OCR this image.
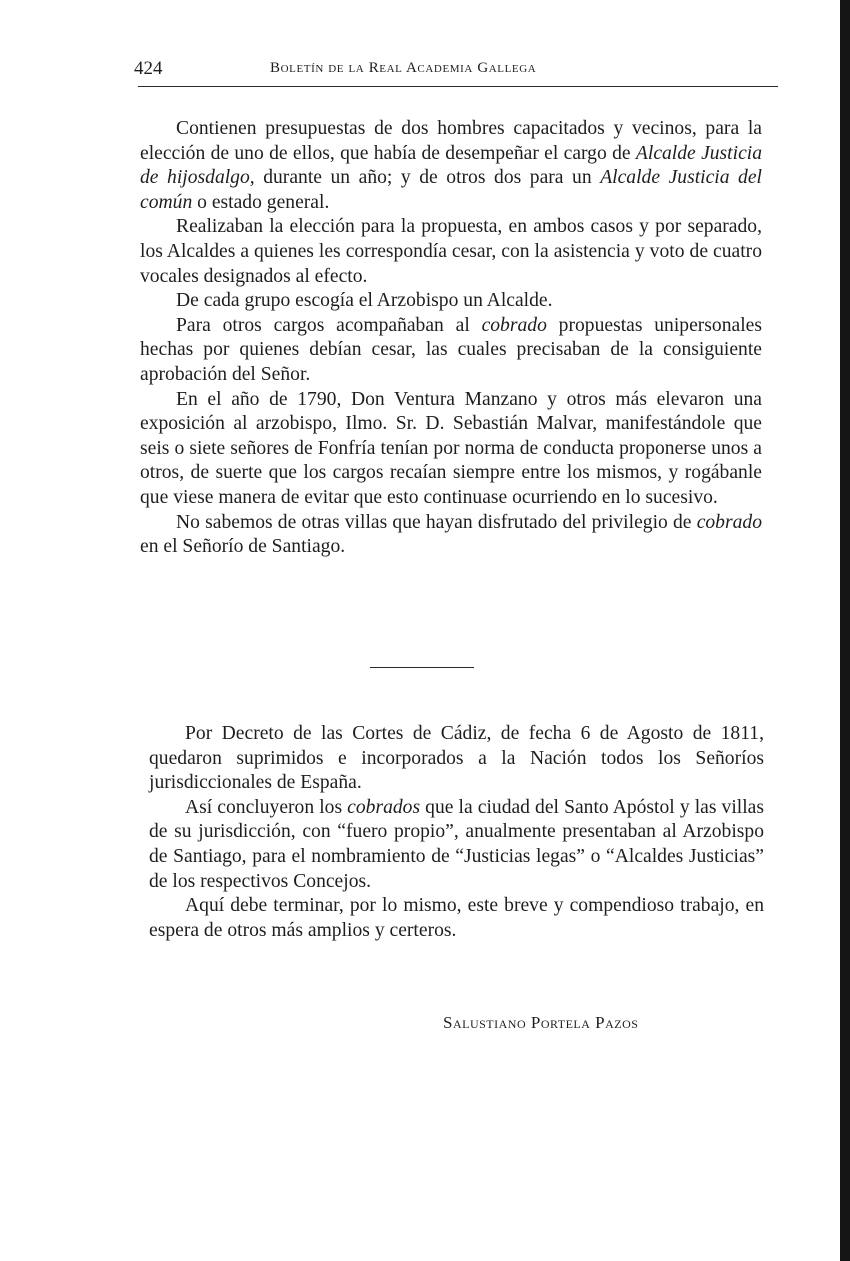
424	Boletín de la Real Academia Gallega

Contienen presupuestas de dos hombres capacitados y vecinos, para la elección de uno de ellos, que había de desempeñar el cargo de Alcalde Justicia de hijosdalgo, durante un año; y de otros dos para un Alcalde Justicia del común o estado general.

Realizaban la elección para la propuesta, en ambos casos y por separado, los Alcaldes a quienes les correspondía cesar, con la asistencia y voto de cuatro vocales designados al efecto.

De cada grupo escogía el Arzobispo un Alcalde.

Para otros cargos acompañaban al cobrado propuestas unipersonales hechas por quienes debían cesar, las cuales precisaban de la consiguiente aprobación del Señor.

En el año de 1790, Don Ventura Manzano y otros más elevaron una exposición al arzobispo, Ilmo. Sr. D. Sebastián Malvar, manifestándole que seis o siete señores de Fonfría tenían por norma de conducta proponerse unos a otros, de suerte que los cargos recaían siempre entre los mismos, y rogábanle que viese manera de evitar que esto continuase ocurriendo en lo sucesivo.

No sabemos de otras villas que hayan disfrutado del privilegio de cobrado en el Señorío de Santiago.

Por Decreto de las Cortes de Cádiz, de fecha 6 de Agosto de 1811, quedaron suprimidos e incorporados a la Nación todos los Señoríos jurisdiccionales de España.

Así concluyeron los cobrados que la ciudad del Santo Apóstol y las villas de su jurisdicción, con “fuero propio”, anualmente presentaban al Arzobispo de Santiago, para el nombramiento de “Justicias legas” o “Alcaldes Justicias” de los respectivos Concejos.

Aquí debe terminar, por lo mismo, este breve y compendioso trabajo, en espera de otros más amplios y certeros.

Salustiano Portela Pazos
